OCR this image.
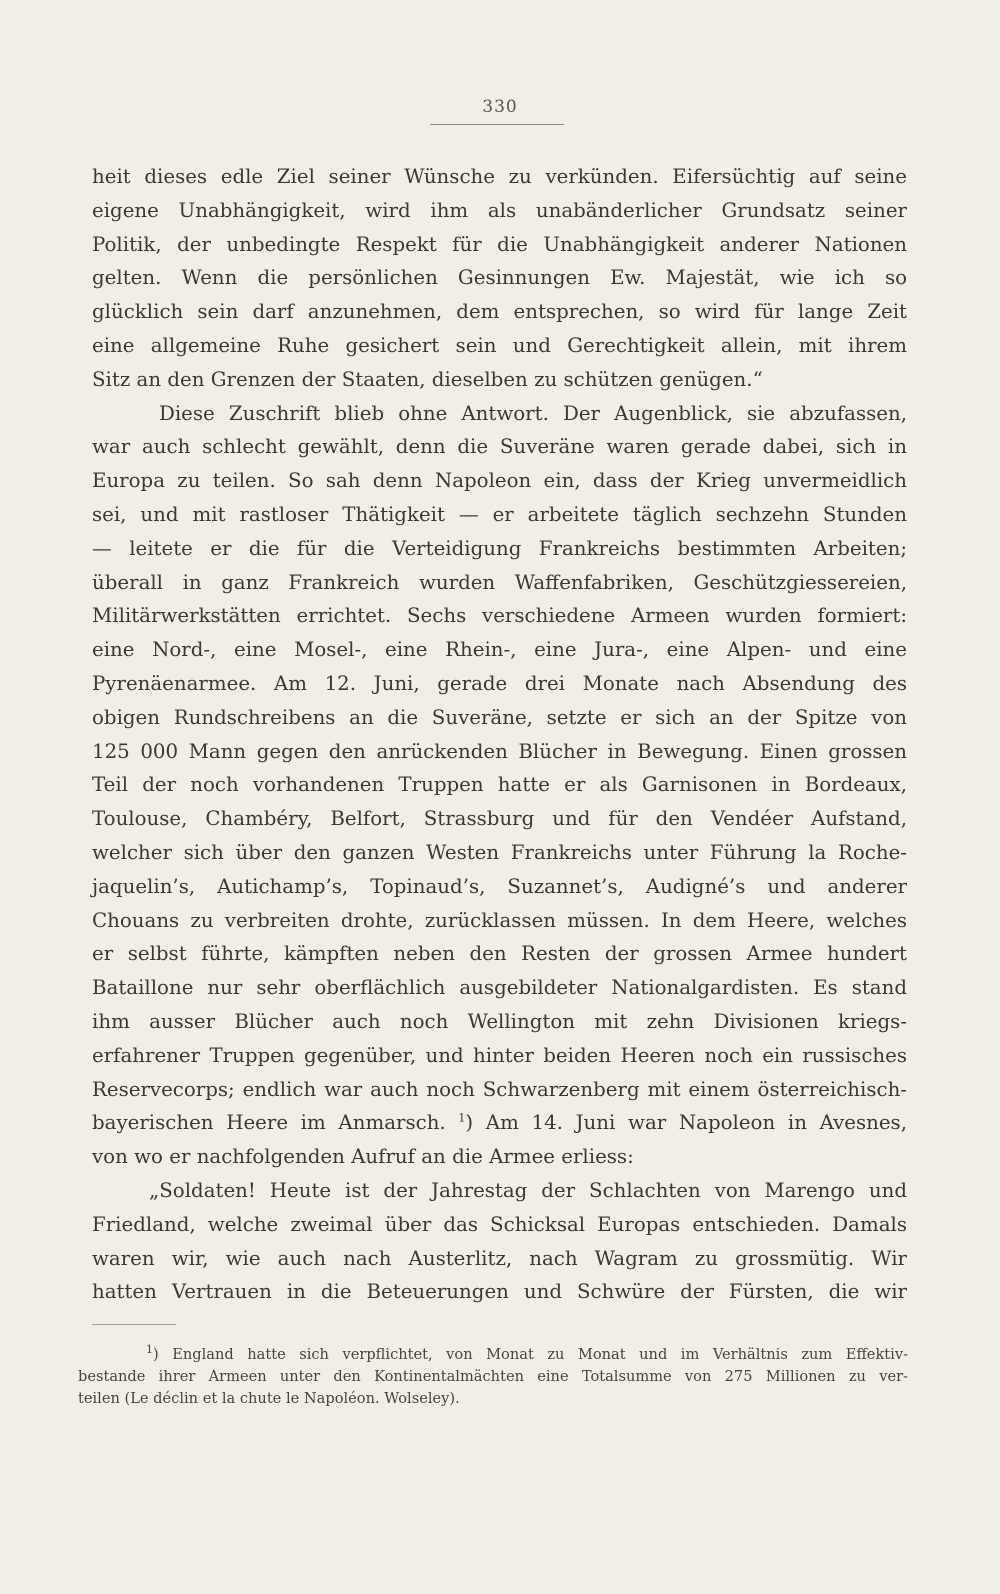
330
heit dieses edle Ziel seiner Wünsche zu verkünden. Eifersüchtig auf seine
eigene Unabhängigkeit, wird ihm als unabänderlicher Grundsatz seiner
Politik, der unbedingte Respekt für die Unabhängigkeit anderer Nationen
gelten. Wenn die persönlichen Gesinnungen Ew. Majestät, wie ich so
glücklich sein darf anzunehmen, dem entsprechen, so wird für lange Zeit
eine allgemeine Ruhe gesichert sein und Gerechtigkeit allein, mit ihrem
Sitz an den Grenzen der Staaten, dieselben zu schützen genügen.“
Diese Zuschrift blieb ohne Antwort. Der Augenblick, sie abzufassen,
war auch schlecht gewählt, denn die Suveräne waren gerade dabei, sich in
Europa zu teilen. So sah denn Napoleon ein, dass der Krieg unvermeidlich
sei, und mit rastloser Thätigkeit — er arbeitete täglich sechzehn Stunden
— leitete er die für die Verteidigung Frankreichs bestimmten Arbeiten;
überall in ganz Frankreich wurden Waffenfabriken, Geschützgiessereien,
Militärwerkstätten errichtet. Sechs verschiedene Armeen wurden formiert:
eine Nord-, eine Mosel-, eine Rhein-, eine Jura-, eine Alpen- und eine
Pyrenäenarmee. Am 12. Juni, gerade drei Monate nach Absendung des
obigen Rundschreibens an die Suveräne, setzte er sich an der Spitze von
125 000 Mann gegen den anrückenden Blücher in Bewegung. Einen grossen
Teil der noch vorhandenen Truppen hatte er als Garnisonen in Bordeaux,
Toulouse, Chambéry, Belfort, Strassburg und für den Vendéer Aufstand,
welcher sich über den ganzen Westen Frankreichs unter Führung la Roche-
jaquelin’s, Autichamp’s, Topinaud’s, Suzannet’s, Audigné’s und anderer
Chouans zu verbreiten drohte, zurücklassen müssen. In dem Heere, welches
er selbst führte, kämpften neben den Resten der grossen Armee hundert
Bataillone nur sehr oberflächlich ausgebildeter Nationalgardisten. Es stand
ihm ausser Blücher auch noch Wellington mit zehn Divisionen kriegs-
erfahrener Truppen gegenüber, und hinter beiden Heeren noch ein russisches
Reservecorps; endlich war auch noch Schwarzenberg mit einem österreichisch-
bayerischen Heere im Anmarsch. $^1$) Am 14. Juni war Napoleon in Avesnes,
von wo er nachfolgenden Aufruf an die Armee erliess:
„Soldaten! Heute ist der Jahrestag der Schlachten von Marengo und
Friedland, welche zweimal über das Schicksal Europas entschieden. Damals
waren wir, wie auch nach Austerlitz, nach Wagram zu grossmütig. Wir
hatten Vertrauen in die Beteuerungen und Schwüre der Fürsten, die wir
$^1$) England hatte sich verpflichtet, von Monat zu Monat und im Verhältnis zum Effektiv-
bestande ihrer Armeen unter den Kontinentalmächten eine Totalsumme von 275 Millionen zu ver-
teilen (Le déclin et la chute le Napoléon. Wolseley).
